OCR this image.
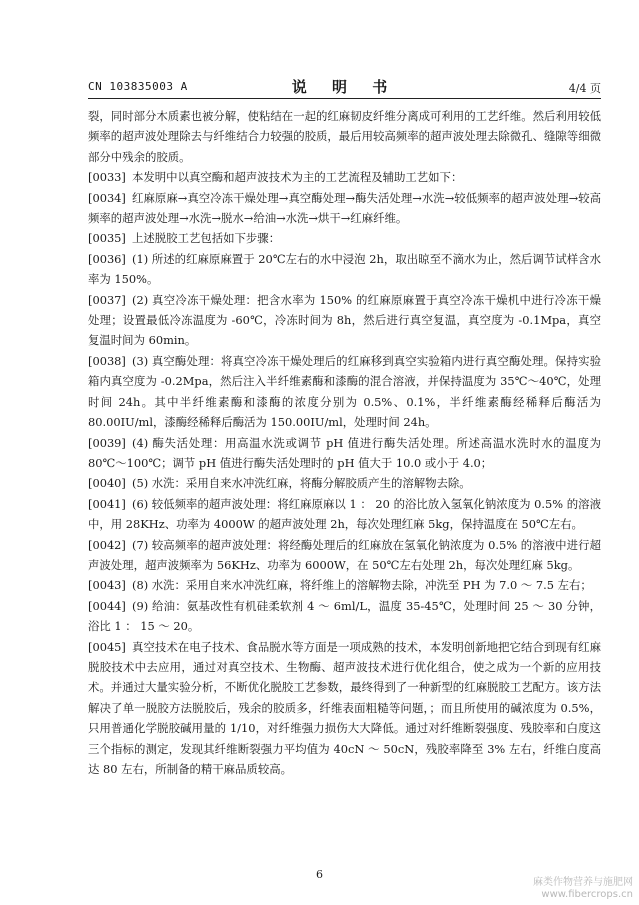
CN 103835003 A	说 明 书	4/4 页

裂，同时部分木质素也被分解，使粘结在一起的红麻韧皮纤维分离成可利用的工艺纤维。然后利用较低频率的超声波处理除去与纤维结合力较强的胶质，最后用较高频率的超声波处理去除微孔、缝隙等细微部分中残余的胶质。

[0033] 本发明中以真空酶和超声波技术为主的工艺流程及辅助工艺如下：

[0034] 红麻原麻→真空冷冻干燥处理→真空酶处理→酶失活处理→水洗→较低频率的超声波处理→较高频率的超声波处理→水洗→脱水→给油→水洗→烘干→红麻纤维。

[0035] 上述脱胶工艺包括如下步骤：

[0036] (1) 所述的红麻原麻置于 20℃左右的水中浸泡 2h，取出晾至不滴水为止，然后调节试样含水率为 150%。

[0037] (2) 真空冷冻干燥处理：把含水率为 150% 的红麻原麻置于真空冷冻干燥机中进行冷冻干燥处理；设置最低冷冻温度为 -60℃，冷冻时间为 8h，然后进行真空复温，真空度为 -0.1Mpa，真空复温时间为 60min。

[0038] (3) 真空酶处理：将真空冷冻干燥处理后的红麻移到真空实验箱内进行真空酶处理。保持实验箱内真空度为 -0.2Mpa，然后注入半纤维素酶和漆酶的混合溶液，并保持温度为 35℃～40℃，处理时间 24h。其中半纤维素酶和漆酶的浓度分别为 0.5%、0.1%，半纤维素酶经稀释后酶活为 80.00IU/ml，漆酶经稀释后酶活为 150.00IU/ml，处理时间 24h。

[0039] (4) 酶失活处理：用高温水洗或调节 pH 值进行酶失活处理。所述高温水洗时水的温度为 80℃～100℃；调节 pH 值进行酶失活处理时的 pH 值大于 10.0 或小于 4.0；

[0040] (5) 水洗：采用自来水冲洗红麻，将酶分解胶质产生的溶解物去除。

[0041] (6) 较低频率的超声波处理：将红麻原麻以 1 ： 20 的浴比放入氢氧化钠浓度为 0.5% 的溶液中，用 28KHz、功率为 4000W 的超声波处理 2h，每次处理红麻 5kg，保持温度在 50℃左右。

[0042] (7) 较高频率的超声波处理：将经酶处理后的红麻放在氢氧化钠浓度为 0.5% 的溶液中进行超声波处理，超声波频率为 56KHz、功率为 6000W，在 50℃左右处理 2h，每次处理红麻 5kg。

[0043] (8) 水洗：采用自来水冲洗红麻，将纤维上的溶解物去除，冲洗至 PH 为 7.0 ～ 7.5 左右；

[0044] (9) 给油：氨基改性有机硅柔软剂 4 ～ 6ml/L，温度 35-45℃，处理时间 25 ～ 30 分钟，浴比 1 ： 15 ～ 20。

[0045] 真空技术在电子技术、食品脱水等方面是一项成熟的技术，本发明创新地把它结合到现有红麻脱胶技术中去应用，通过对真空技术、生物酶、超声波技术进行优化组合，使之成为一个新的应用技术。并通过大量实验分析，不断优化脱胶工艺参数，最终得到了一种新型的红麻脱胶工艺配方。该方法解决了单一脱胶方法脱胶后，残余的胶质多，纤维表面粗糙等问题，；而且所使用的碱浓度为 0.5%，只用普通化学脱胶碱用量的 1/10，对纤维强力损伤大大降低。通过对纤维断裂强度、残胶率和白度这三个指标的测定，发现其纤维断裂强力平均值为 40cN ～ 50cN，残胶率降至 3% 左右，纤维白度高达 80 左右，所制备的精干麻品质较高。

6
麻类作物营养与施肥网
www.fibercrops.cn
